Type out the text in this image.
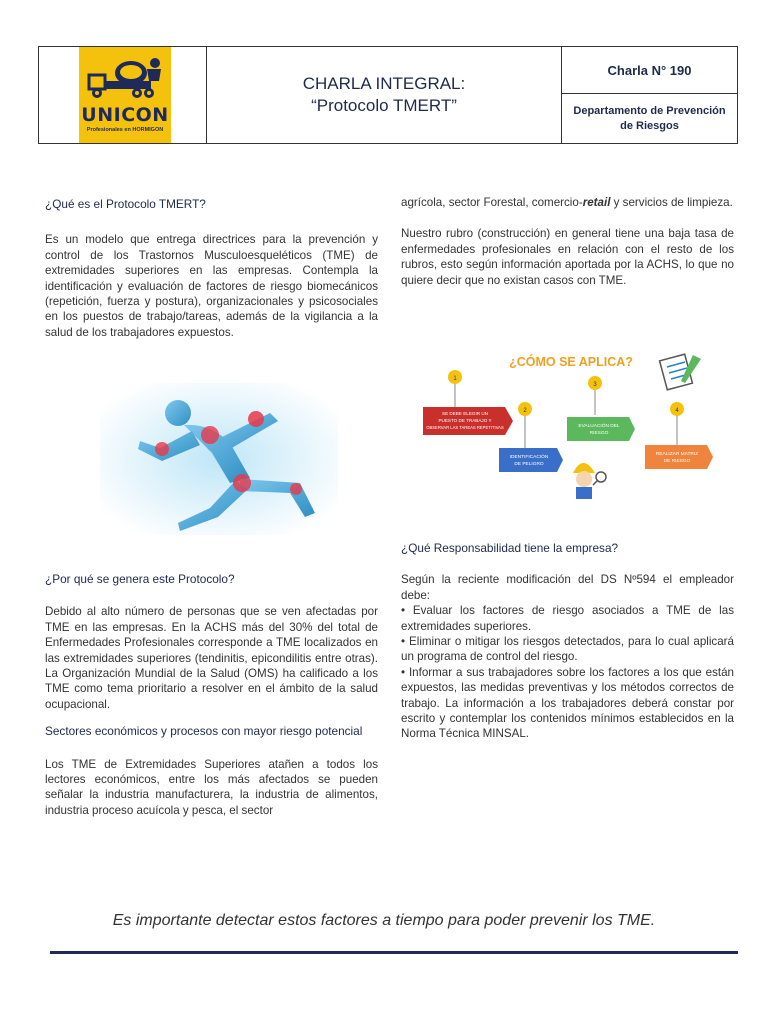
UNICON
Profesionales en HORMIGON
CHARLA INTEGRAL:
“Protocolo TMERT”
Charla N° 190
Departamento de Prevención de Riesgos

¿Qué es el Protocolo TMERT?

Es un modelo que entrega directrices para la prevención y control de los Trastornos Musculoesqueléticos (TME) de extremidades superiores en las empresas. Contempla la identificación y evaluación de factores de riesgo biomecánicos (repetición, fuerza y postura), organizacionales y psicosociales en los puestos de trabajo/tareas, además de la vigilancia a la salud de los trabajadores expuestos.

¿Por qué se genera este Protocolo?

Debido al alto número de personas que se ven afectadas por TME en las empresas. En la ACHS más del 30% del total de Enfermedades Profesionales corresponde a TME localizados en las extremidades superiores (tendinitis, epicondilitis entre otras). La Organización Mundial de la Salud (OMS) ha calificado a los TME como tema prioritario a resolver en el ámbito de la salud ocupacional.

Sectores económicos y procesos con mayor riesgo potencial

Los TME de Extremidades Superiores atañen a todos los lectores económicos, entre los más afectados se pueden señalar la industria manufacturera, la industria de alimentos, industria proceso acuícola y pesca, el sector

agrícola, sector Forestal, comercio-retail y servicios de limpieza.

Nuestro rubro (construcción) en general tiene una baja tasa de enfermedades profesionales en relación con el resto de los rubros, esto según información aportada por la ACHS, lo que no quiere decir que no existan casos con TME.

¿CÓMO SE APLICA?
1
2
3
4
SE DEBE ELEGIR UN
PUESTO DE TRABAJO Y
OBSERVAR LAS TAREAS REPETITIVAS
IDENTIFICACIÓN
DE PELIGRO
EVALUACIÓN DEL
RIESGO
REALIZAR MATRIZ
DE RIESGO

¿Qué Responsabilidad tiene la empresa?

Según la reciente modificación del DS Nº594 el empleador debe:

• Evaluar los factores de riesgo asociados a TME de las extremidades superiores.

• Eliminar o mitigar los riesgos detectados, para lo cual aplicará un programa de control del riesgo.

• Informar a sus trabajadores sobre los factores a los que están expuestos, las medidas preventivas y los métodos correctos de trabajo. La información a los trabajadores deberá constar por escrito y contemplar los contenidos mínimos establecidos en la Norma Técnica MINSAL.

Es importante detectar estos factores a tiempo para poder prevenir los TME.
